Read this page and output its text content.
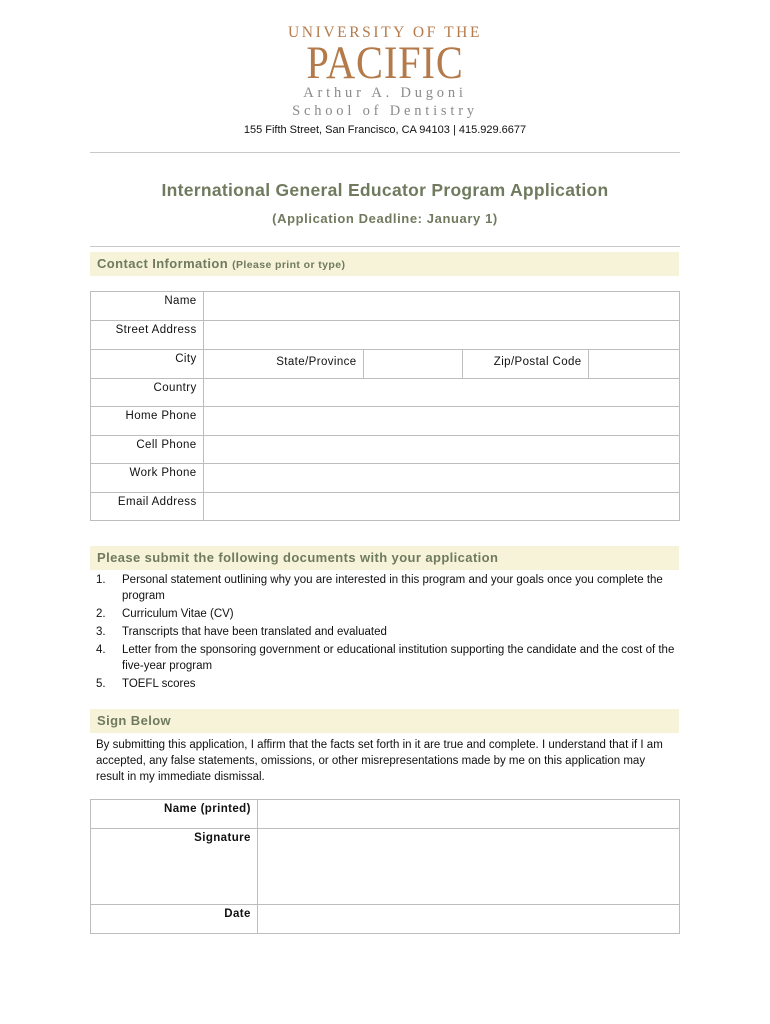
UNIVERSITY OF THE
PACIFIC
Arthur A. Dugoni
School of Dentistry
155 Fifth Street, San Francisco, CA 94103 | 415.929.6677
International General Educator Program Application
(Application Deadline: January 1)
Contact Information (Please print or type)
Name	
Street Address	
City	State/Province Zip/Postal Code

Country	
Home Phone	
Cell Phone	
Work Phone	
Email Address	
Please submit the following documents with your application
1. Personal statement outlining why you are interested in this program and your goals once you complete the program
2. Curriculum Vitae (CV)
3. Transcripts that have been translated and evaluated
4. Letter from the sponsoring government or educational institution supporting the candidate and the cost of the five-year program
5. TOEFL scores
Sign Below
By submitting this application, I affirm that the facts set forth in it are true and complete. I understand that if I am accepted, any false statements, omissions, or other misrepresentations made by me on this application may result in my immediate dismissal.
Name (printed)	
Signature	
Date	
